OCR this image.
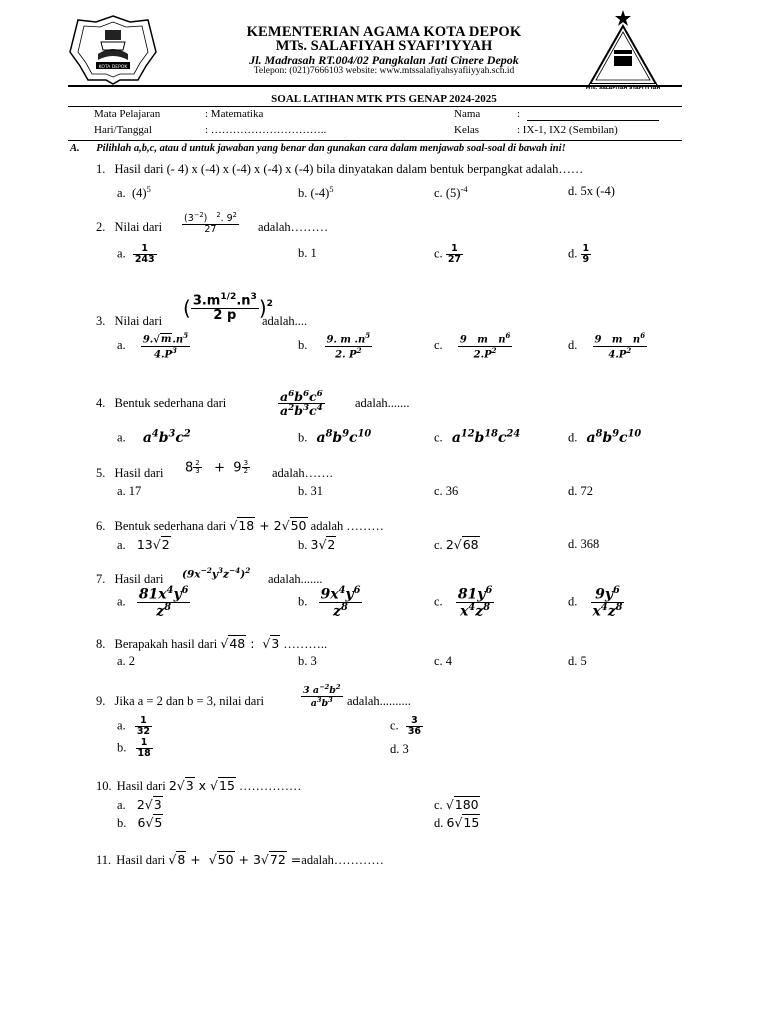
KOTA DEPOK
MTs. SALAFIYAH SYAFI'IYYAH
KEMENTERIAN AGAMA KOTA DEPOK
MTs. SALAFIYAH SYAFI’IYYAH
Jl. Madrasah RT.004/02 Pangkalan Jati Cinere Depok
Telepon: (021)7666103 website: www.mtssalafiyahsyafiiyyah.sch.id
SOAL LATIHAN MTK PTS GENAP 2024-2025
Mata Pelajaran	: Matematika	Nama	:
Hari/Tanggal	: …………………………..	Kelas	: IX-1, IX2 (Sembilan)
A. Pilihlah a,b,c, atau d untuk jawaban yang benar dan gunakan cara dalam menjawab soal-soal di bawah ini!
1. Hasil dari (- 4) x (-4) x (-4) x (-4) x (-4) bila dinyatakan dalam bentuk berpangkat adalah……
a.  $(4)^5$	b. $(-4)^5$	c. $(5)^{-4}$	d. 5x (-4)
2. Nilai dari $\frac{(3^{-2}) ^2. 9^2}{27}$ adalah………
a. $\frac{1}{243}$	b. 1	c. $\frac{1}{27}$	d. $\frac{1}{9}$
3. Nilai dari
( $\frac{3.m^{1/2}.n^3}{2 p} )^2$
adalah....
a. $\frac{9.√m.n^5}{4.P^3}$	b. $\frac{9. m .n^5}{2. P^2}$	c. $\frac{9 m n^6}{2.P^2}$	d. $\frac{9 m n^6}{4.P^2}$
4. Bentuk sederhana dari	$\frac{a^6b^6c^6}{a^2b^3c^4}$ adalah.......
a. $a^4b^3c^2$	b. $a^8b^9c^{10}$	c. $a^{12}b^{18}c^{24}$	d. $a^8b^9c^{10}$
5. Hasil dari $8 \frac{2}{3} + 9 \frac{3}{2}$ adalah…….
a. 17	b. 31	c. 36	d. 72
6. Bentuk sederhana dari √18 + 2√50 adalah ………
a. 13√2	b. 3√2	c. 2√68	d. 368
7. Hasil dari $(9x^{-2}y^3z^{-4})^2$
adalah.......
a. $\frac{81x^4y^6}{z^8}$	b. $\frac{9x^4y^6}{z^8}$	c. $\frac{81y^6}{x^4z^8}$	d. $\frac{9y^6}{x^4z^8}$
8. Berapakah hasil dari √48 :  √3 ………..
a. 2	b. 3	c. 4	d. 5
9. Jika a = 2 dan b = 3, nilai dari	$\frac{3 a^{-2}b^2}{a^3b^3}$ adalah..........
a. $\frac{1}{32}$	c. $\frac{3}{36}$
b. $\frac{1}{18}$	d. 3
10. Hasil dari 2√3 x √15 ……………
a. 2√3	c. √180
b. 6√5	d. 6√15
11. Hasil dari √8 +  √50 + 3√72 =adalah…………
